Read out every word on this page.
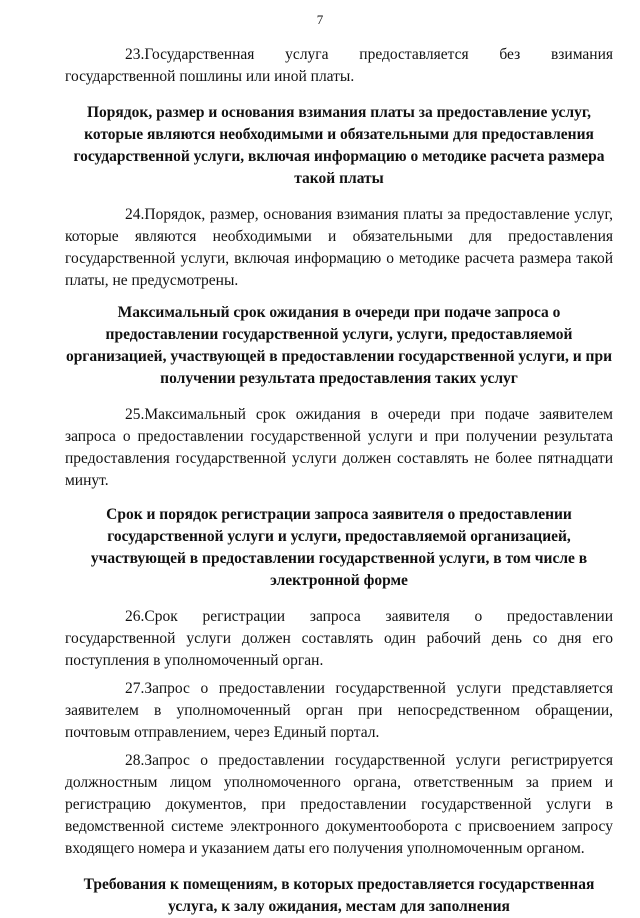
7

23.Государственная услуга предоставляется без взимания государственной пошлины или иной платы.

Порядок, размер и основания взимания платы за предоставление услуг, которые являются необходимыми и обязательными для предоставления государственной услуги, включая информацию о методике расчета размера такой платы

24.Порядок, размер, основания взимания платы за предоставление услуг, которые являются необходимыми и обязательными для предоставления государственной услуги, включая информацию о методике расчета размера такой платы, не предусмотрены.

Максимальный срок ожидания в очереди при подаче запроса о предоставлении государственной услуги, услуги, предоставляемой организацией, участвующей в предоставлении государственной услуги, и при получении результата предоставления таких услуг

25.Максимальный срок ожидания в очереди при подаче заявителем запроса о предоставлении государственной услуги и при получении результата предоставления государственной услуги должен составлять не более пятнадцати минут.

Срок и порядок регистрации запроса заявителя о предоставлении государственной услуги и услуги, предоставляемой организацией, участвующей в предоставлении государственной услуги, в том числе в электронной форме

26.Срок регистрации запроса заявителя о предоставлении государственной услуги должен составлять один рабочий день со дня его поступления в уполномоченный орган.

27.Запрос о предоставлении государственной услуги представляется заявителем в уполномоченный орган при непосредственном обращении, почтовым отправлением, через Единый портал.

28.Запрос о предоставлении государственной услуги регистрируется должностным лицом уполномоченного органа, ответственным за прием и регистрацию документов, при предоставлении государственной услуги в ведомственной системе электронного документооборота с присвоением запросу входящего номера и указанием даты его получения уполномоченным органом.

Требования к помещениям, в которых предоставляется государственная услуга, к залу ожидания, местам для заполнения
